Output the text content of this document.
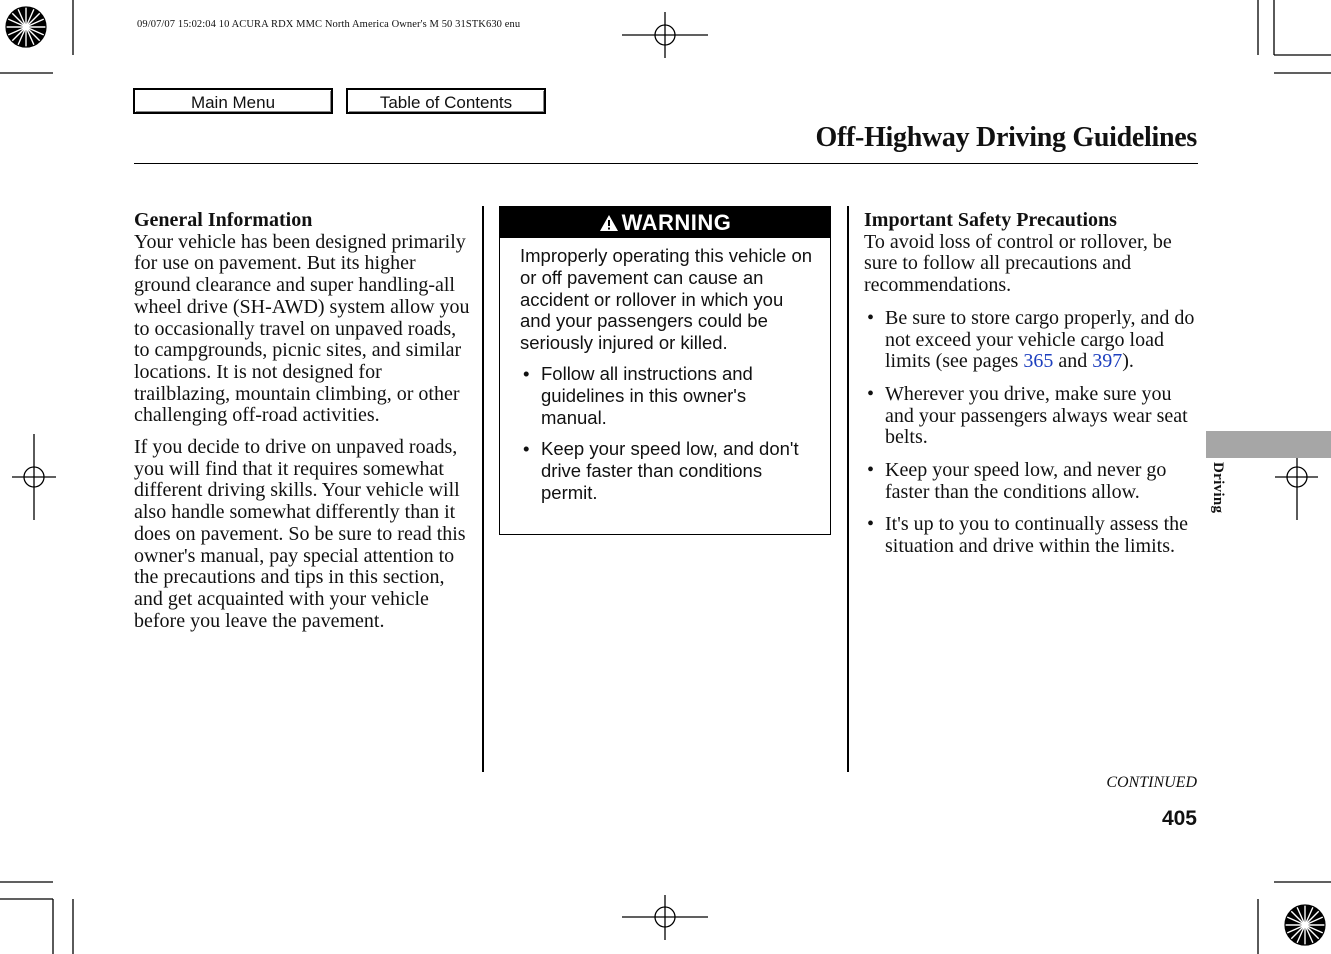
09/07/07 15:02:04 10 ACURA RDX MMC North America Owner's M 50 31STK630 enu
Main Menu	Table of Contents
Off-Highway Driving Guidelines
General Information

Your vehicle has been designed primarily for use on pavement. But its higher ground clearance and super handling-all wheel drive (SH-AWD) system allow you to occasionally travel on unpaved roads, to campgrounds, picnic sites, and similar locations. It is not designed for trailblazing, mountain climbing, or other challenging off-road activities.

If you decide to drive on unpaved roads, you will find that it requires somewhat different driving skills. Your vehicle will also handle somewhat differently than it does on pavement. So be sure to read this owner's manual, pay special attention to the precautions and tips in this section, and get acquainted with your vehicle before you leave the pavement.

WARNING

Improperly operating this vehicle on or off pavement can cause an accident or rollover in which you and your passengers could be seriously injured or killed.

• Follow all instructions and guidelines in this owner's manual.
• Keep your speed low, and don't drive faster than conditions permit.
Important Safety Precautions

To avoid loss of control or rollover, be sure to follow all precautions and recommendations.

• Be sure to store cargo properly, and do not exceed your vehicle cargo load limits (see pages 365 and 397).
• Wherever you drive, make sure you and your passengers always wear seat belts.
• Keep your speed low, and never go faster than the conditions allow.
• It's up to you to continually assess the situation and drive within the limits.
Driving
CONTINUED
405
